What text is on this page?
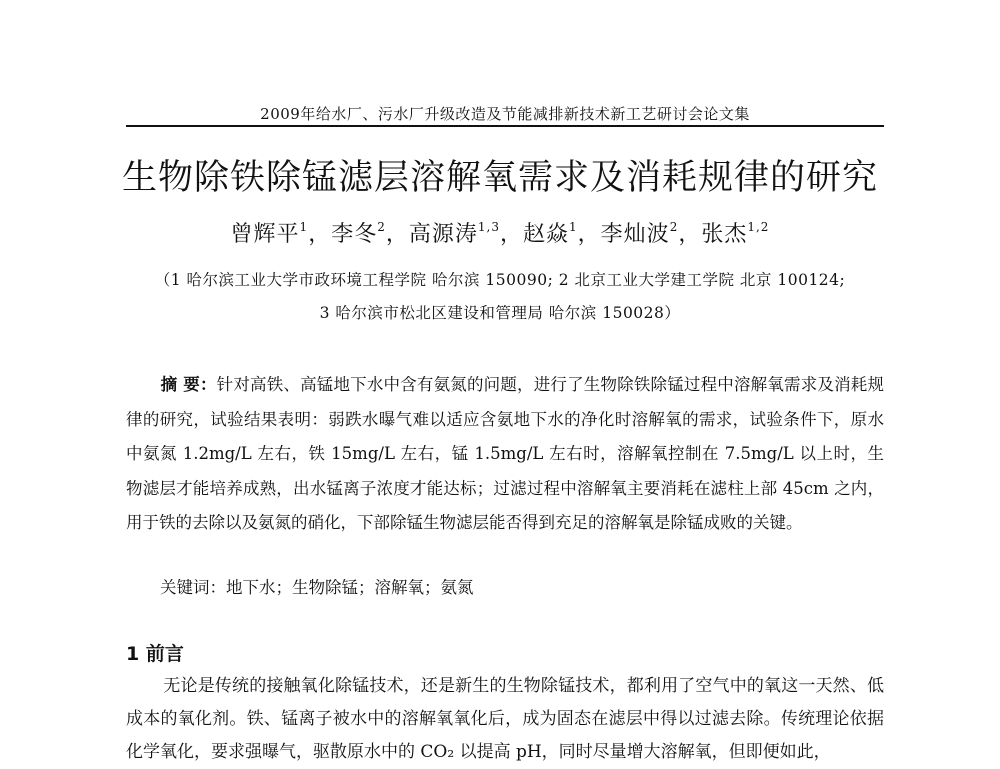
2009年给水厂、污水厂升级改造及节能减排新技术新工艺研讨会论文集
生物除铁除锰滤层溶解氧需求及消耗规律的研究
曾辉平$^1$，李冬$^2$，高源涛$^{1,3}$，赵焱$^1$，李灿波$^2$，张杰$^{1,2}$
（1 哈尔滨工业大学市政环境工程学院 哈尔滨 150090; 2 北京工业大学建工学院 北京 100124;
3 哈尔滨市松北区建设和管理局 哈尔滨 150028）
摘 要：针对高铁、高锰地下水中含有氨氮的问题，进行了生物除铁除锰过程中溶解氧需求及消耗规律的研究，试验结果表明：弱跌水曝气难以适应含氨地下水的净化时溶解氧的需求，试验条件下，原水中氨氮 1.2mg/L 左右，铁 15mg/L 左右，锰 1.5mg/L 左右时，溶解氧控制在 7.5mg/L 以上时，生物滤层才能培养成熟，出水锰离子浓度才能达标；过滤过程中溶解氧主要消耗在滤柱上部 45cm 之内，用于铁的去除以及氨氮的硝化，下部除锰生物滤层能否得到充足的溶解氧是除锰成败的关键。
关键词：地下水；生物除锰；溶解氧；氨氮
1 前言
无论是传统的接触氧化除锰技术，还是新生的生物除锰技术，都利用了空气中的氧这一天然、低成本的氧化剂。铁、锰离子被水中的溶解氧氧化后，成为固态在滤层中得以过滤去除。传统理论依据化学氧化，要求强曝气，驱散原水中的 CO₂ 以提高 pH，同时尽量增大溶解氧，但即便如此，
